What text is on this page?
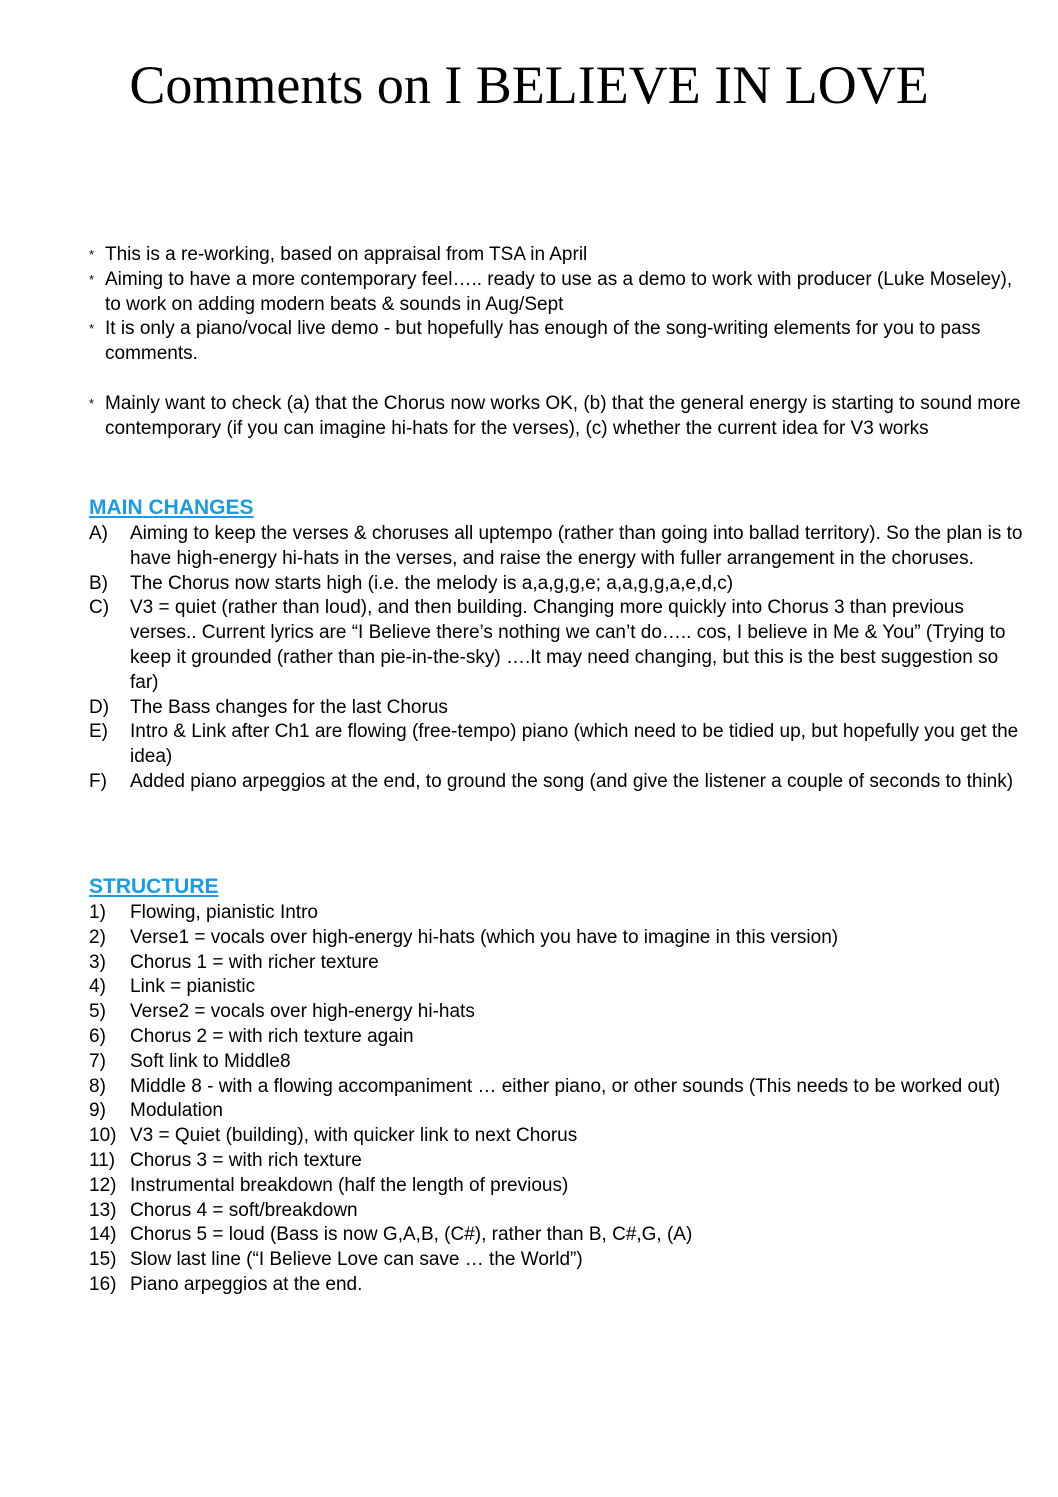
Comments on I BELIEVE IN LOVE
* This is a re-working, based on appraisal from TSA in April
* Aiming to have a more contemporary feel….. ready to use as a demo to work with producer (Luke Moseley), to work on adding modern beats & sounds in Aug/Sept
* It is only a piano/vocal live demo - but hopefully has enough of the song-writing elements for you to pass comments.
* Mainly want to check (a) that the Chorus now works OK, (b) that the general energy is starting to sound more contemporary (if you can imagine hi-hats for the verses), (c) whether the current idea for V3 works
MAIN CHANGES
A)	Aiming to keep the verses & choruses all uptempo (rather than going into ballad territory). So the plan is to have high-energy hi-hats in the verses, and raise the energy with fuller arrangement in the choruses.
B)	The Chorus now starts high (i.e. the melody is a,a,g,g,e; a,a,g,g,a,e,d,c)
C)	V3 = quiet (rather than loud), and then building. Changing more quickly into Chorus 3 than previous verses.. Current lyrics are “I Believe there’s nothing we can’t do….. cos, I believe in Me & You” (Trying to keep it grounded (rather than pie-in-the-sky) ….It may need changing, but this is the best suggestion so far)
D)	The Bass changes for the last Chorus
E)	Intro & Link after Ch1 are flowing (free-tempo) piano (which need to be tidied up, but hopefully you get the idea)
F)	Added piano arpeggios at the end, to ground the song (and give the listener a couple of seconds to think)
STRUCTURE
1)	Flowing, pianistic Intro
2)	Verse1 = vocals over high-energy hi-hats (which you have to imagine in this version)
3)	Chorus 1 = with richer texture
4)	Link = pianistic
5)	Verse2 = vocals over high-energy hi-hats
6)	Chorus 2 = with rich texture again
7)	Soft link to Middle8
8)	Middle 8 - with a flowing accompaniment … either piano, or other sounds (This needs to be worked out)
9)	Modulation
10) V3 = Quiet (building), with quicker link to next Chorus
11) Chorus 3 = with rich texture
12) Instrumental breakdown (half the length of previous)
13) Chorus 4 = soft/breakdown
14) Chorus 5 = loud (Bass is now G,A,B, (C#), rather than B, C#,G, (A)
15) Slow last line (“I Believe Love can save … the World”)
16) Piano arpeggios at the end.
